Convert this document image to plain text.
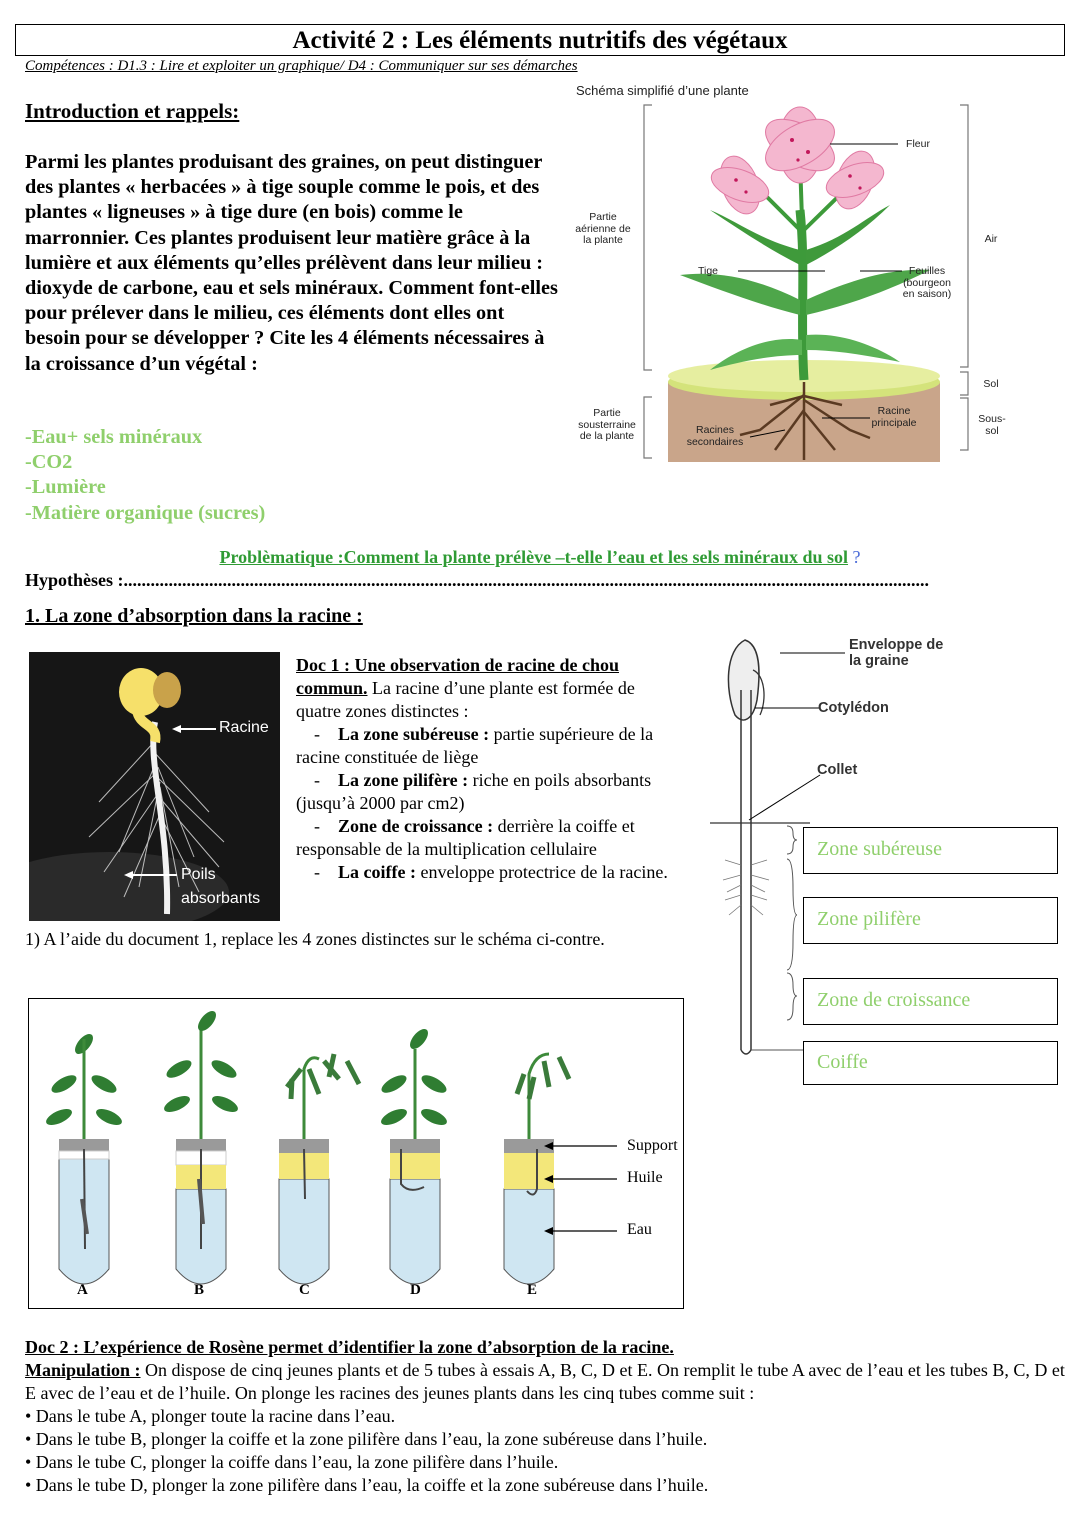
Activité 2 : Les éléments nutritifs des végétaux
Compétences : D1.3 : Lire et exploiter un graphique/ D4 : Communiquer sur ses démarches
Introduction et rappels:
Parmi les plantes produisant des graines, on peut distinguer des plantes « herbacées » à tige souple comme le pois, et des plantes « ligneuses » à tige dure (en bois) comme le marronnier. Ces plantes produisent leur matière grâce à la lumière et aux éléments qu’elles prélèvent dans leur milieu : dioxyde de carbone, eau et sels minéraux. Comment font-elles pour prélever dans le milieu, ces éléments dont elles ont besoin pour se développer ? Cite les 4 éléments nécessaires à la croissance d’un végétal :
-Eau+ sels minéraux
-CO2
-Lumière
-Matière organique (sucres)
Schéma simplifié d’une plante
Partie aérienne de la plante
Partie sousterraine de la plante
Fleur
Tige	Feuilles (bourgeon en saison)
Air
Sol
Sous-sol
Racine principale
Racines secondaires
Problèmatique :Comment la plante prélève –t-elle l’eau et les sels minéraux du sol ?
Hypothèses :...................................................................................................................................................................................
1. La zone d’absorption dans la racine :
Racine
Poils
absorbants
Doc 1 : Une observation de racine de chou commun. La racine d’une plante est formée de quatre zones distinctes :
-    La zone subéreuse : partie supérieure de la racine constituée de liège
-    La zone pilifère : riche en poils absorbants (jusqu’à 2000 par cm2)
-    Zone de croissance : derrière la coiffe et responsable de la multiplication cellulaire
-    La coiffe : enveloppe protectrice de la racine.
1) A l’aide du document 1, replace les 4 zones distinctes sur le schéma ci-contre.
Enveloppe de la graine
Cotylédon
Collet
Zone subéreuse
Zone pilifère
Zone de croissance
Coiffe
Support
Huile
Eau
A	B	C	D	E
Doc 2 : L’expérience de Rosène permet d’identifier la zone d’absorption de la racine.
Manipulation : On dispose de cinq jeunes plants et de 5 tubes à essais A, B, C, D et E. On remplit le tube A avec de l’eau et les tubes B, C, D et E avec de l’eau et de l’huile. On plonge les racines des jeunes plants dans les cinq tubes comme suit :
• Dans le tube A, plonger toute la racine dans l’eau.
• Dans le tube B, plonger la coiffe et la zone pilifère dans l’eau, la zone subéreuse dans l’huile.
• Dans le tube C, plonger la coiffe dans l’eau, la zone pilifère dans l’huile.
• Dans le tube D, plonger la zone pilifère dans l’eau, la coiffe et la zone subéreuse dans l’huile.
